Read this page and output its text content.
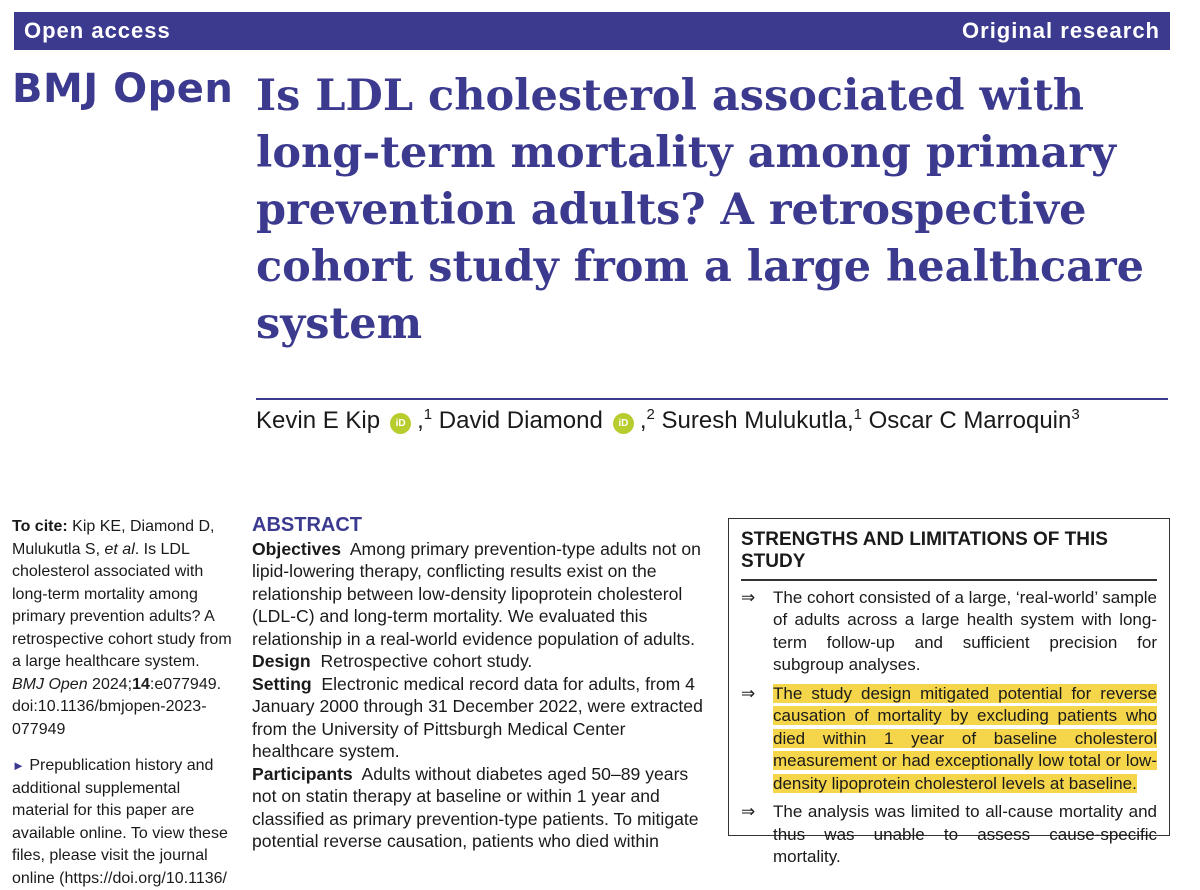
Open access	Original research
BMJ Open Is LDL cholesterol associated with long-term mortality among primary prevention adults? A retrospective cohort study from a large healthcare system
Kevin E Kip iD ,$^1$ David Diamond iD ,$^2$ Suresh Mulukutla,$^1$ Oscar C Marroquin$^3$

To cite: Kip KE, Diamond D, Mulukutla S, et al. Is LDL cholesterol associated with long-term mortality among primary prevention adults? A retrospective cohort study from a large healthcare system. BMJ Open 2024;14:e077949. doi:10.1136/bmjopen-2023-077949

► Prepublication history and additional supplemental material for this paper are available online. To view these files, please visit the journal online (https://doi.org/10.1136/

ABSTRACT

Objectives Among primary prevention-type adults not on lipid-lowering therapy, conflicting results exist on the relationship between low-density lipoprotein cholesterol (LDL-C) and long-term mortality. We evaluated this relationship in a real-world evidence population of adults.

Design Retrospective cohort study.

Setting Electronic medical record data for adults, from 4 January 2000 through 31 December 2022, were extracted from the University of Pittsburgh Medical Center healthcare system.

Participants Adults without diabetes aged 50–89 years not on statin therapy at baseline or within 1 year and classified as primary prevention-type patients. To mitigate potential reverse causation, patients who died within

STRENGTHS AND LIMITATIONS OF THIS STUDY
⇒	The cohort consisted of a large, ‘real-world’ sample of adults across a large health system with long-term follow-up and sufficient precision for subgroup analyses.
⇒	The study design mitigated potential for reverse causation of mortality by excluding patients who died within 1 year of baseline cholesterol measurement or had exceptionally low total or low-density lipoprotein cholesterol levels at baseline.
⇒	The analysis was limited to all-cause mortality and thus was unable to assess cause-specific mortality.
